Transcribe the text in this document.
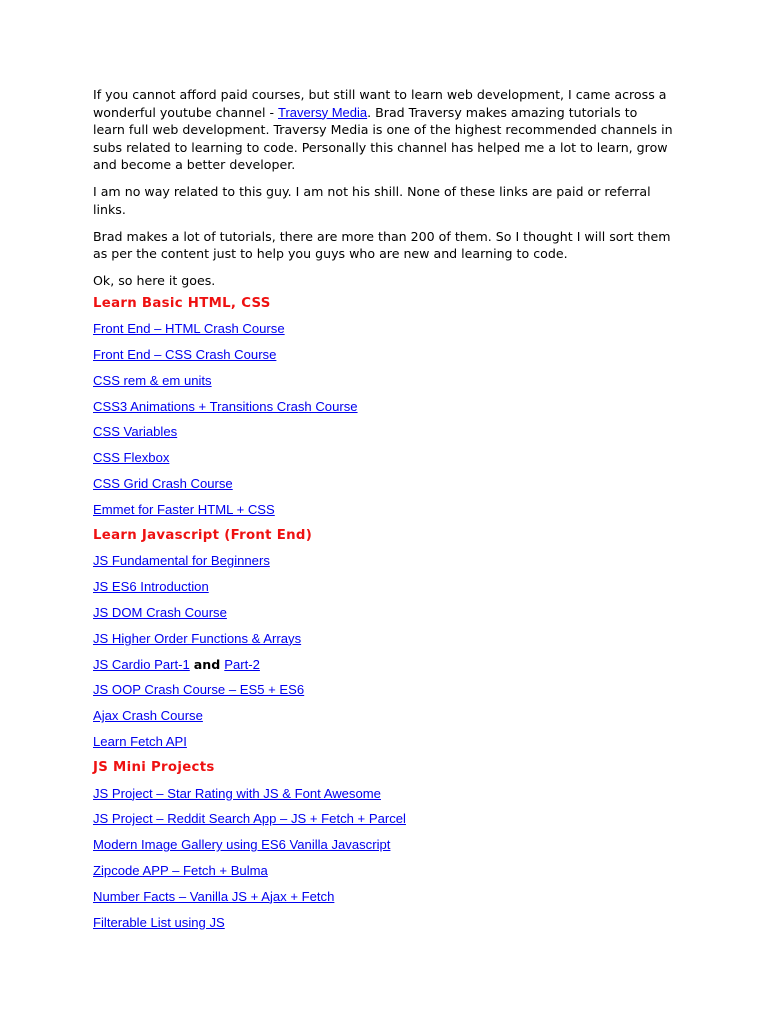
If you cannot afford paid courses, but still want to learn web development, I came across a wonderful youtube channel - Traversy Media. Brad Traversy makes amazing tutorials to learn full web development. Traversy Media is one of the highest recommended channels in subs related to learning to code. Personally this channel has helped me a lot to learn, grow and become a better developer.

I am no way related to this guy. I am not his shill. None of these links are paid or referral links.

Brad makes a lot of tutorials, there are more than 200 of them. So I thought I will sort them as per the content just to help you guys who are new and learning to code.

Ok, so here it goes.

Learn Basic HTML, CSS
Front End – HTML Crash Course
Front End – CSS Crash Course
CSS rem & em units
CSS3 Animations + Transitions Crash Course
CSS Variables
CSS Flexbox
CSS Grid Crash Course
Emmet for Faster HTML + CSS
Learn Javascript (Front End)
JS Fundamental for Beginners
JS ES6 Introduction
JS DOM Crash Course
JS Higher Order Functions & Arrays
JS Cardio Part-1 and Part-2
JS OOP Crash Course – ES5 + ES6
Ajax Crash Course
Learn Fetch API
JS Mini Projects
JS Project – Star Rating with JS & Font Awesome
JS Project – Reddit Search App – JS + Fetch + Parcel
Modern Image Gallery using ES6 Vanilla Javascript
Zipcode APP – Fetch + Bulma
Number Facts – Vanilla JS + Ajax + Fetch
Filterable List using JS
